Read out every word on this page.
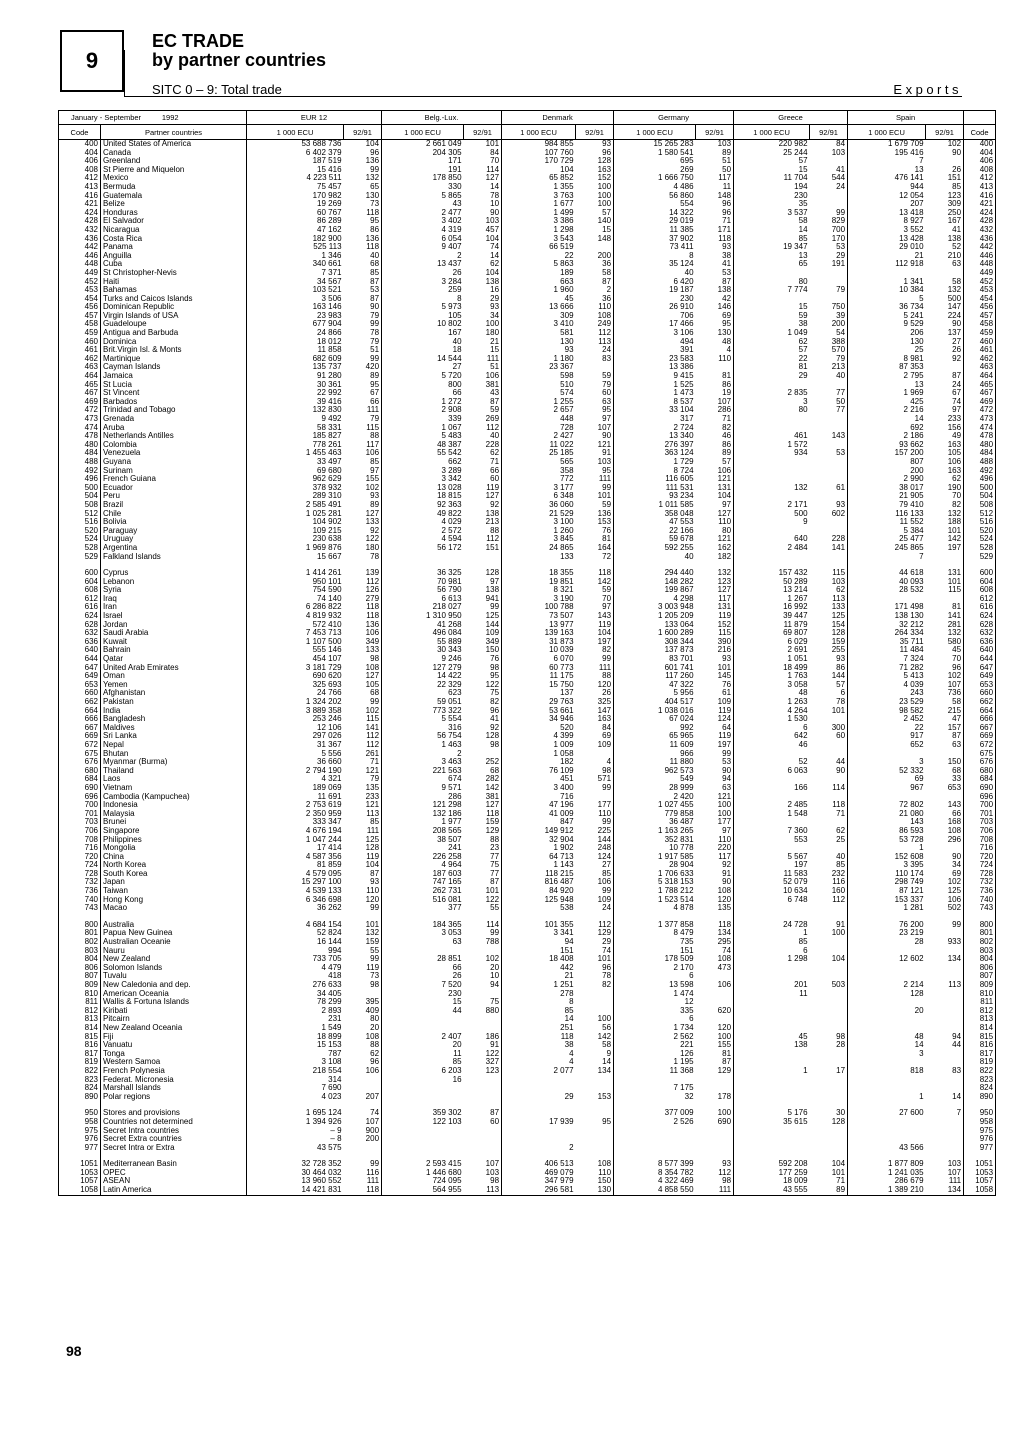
9
EC TRADE
by partner countries
SITC 0 – 9: Total trade	Exports
January - September 1992		EUR 12		Belg.-Lux.		Denmark		Germany		Greece		Spain		
Code	Partner countries	1 000 ECU	92/91	1 000 ECU	92/91	1 000 ECU	92/91	1 000 ECU	92/91	1 000 ECU	92/91	1 000 ECU	92/91	Code
400	United States of America	53 688 736	104	2 661 049	101	984 855	93	15 265 283	103	220 982	84	1 679 709	102	400
404	Canada	6 402 379	96	204 305	84	107 760	96	1 580 541	89	25 244	103	195 416	90	404
406	Greenland	187 519	136	171	70	170 729	128	695	51	57		7		406
408	St Pierre and Miquelon	15 416	99	191	114	104	163	269	50	15	41	13	26	408
412	Mexico	4 223 511	132	178 850	127	65 852	152	1 666 750	117	11 704	544	476 141	151	412
413	Bermuda	75 457	65	330	14	1 355	100	4 486	11	194	24	944	85	413
416	Guatemala	170 982	130	5 865	78	3 763	100	56 860	148	230		12 054	123	416
421	Belize	19 269	73	43	10	1 677	100	554	96	35		207	309	421
424	Honduras	60 767	118	2 477	90	1 499	57	14 322	96	3 537	99	13 418	250	424
428	El Salvador	86 289	95	3 402	103	3 386	140	29 019	71	58	829	8 927	167	428
432	Nicaragua	47 162	86	4 319	457	1 298	15	11 385	171	14	700	3 552	41	432
436	Costa Rica	182 900	136	6 054	104	3 543	148	37 902	118	85	170	13 428	138	436
442	Panama	525 113	118	9 407	74	66 519		73 411	93	19 347	53	29 010	52	442
446	Anguilla	1 346	40	2	14	22	200	8	38	13	29	21	210	446
448	Cuba	340 661	68	13 437	62	5 863	36	35 124	41	65	191	112 918	63	448
449	St Christopher-Nevis	7 371	85	26	104	189	58	40	53					449
452	Haiti	34 567	87	3 284	138	663	87	6 420	87	80		1 341	58	452
453	Bahamas	103 521	53	259	16	1 960	2	19 187	138	7 774	79	10 384	132	453
454	Turks and Caicos Islands	3 506	87	8	29	45	36	230	42			5	500	454
456	Dominican Republic	163 146	90	5 973	93	13 666	110	26 910	146	15	750	36 734	147	456
457	Virgin Islands of USA	23 983	79	105	34	309	108	706	69	59	39	5 241	224	457
458	Guadeloupe	677 904	99	10 802	100	3 410	249	17 466	95	38	200	9 529	90	458
459	Antigua and Barbuda	24 866	78	167	180	581	112	3 106	130	1 049	54	206	137	459
460	Dominica	18 012	79	40	21	130	113	494	48	62	388	130	27	460
461	Brit.Virgin Isl. & Monts	11 858	51	18	15	93	24	391	4	57	570	25	26	461
462	Martinique	682 609	99	14 544	111	1 180	83	23 583	110	22	79	8 981	92	462
463	Cayman Islands	135 737	420	27	51	23 367		13 386		81	213	87 353		463
464	Jamaica	91 280	89	5 720	106	598	59	9 415	81	29	40	2 795	87	464
465	St Lucia	30 361	95	800	381	510	79	1 525	86			13	24	465
467	St Vincent	22 992	67	66	43	574	60	1 473	19	2 835	77	1 969	67	467
469	Barbados	39 416	66	1 272	87	1 255	63	8 537	107	3	50	425	74	469
472	Trinidad and Tobago	132 830	111	2 908	59	2 657	95	33 104	286	80	77	2 216	97	472
473	Grenada	9 492	79	339	269	448	97	317	71			14	233	473
474	Aruba	58 331	115	1 067	112	728	107	2 724	82			692	156	474
478	Netherlands Antilles	185 827	88	5 483	40	2 427	90	13 340	46	461	143	2 186	49	478
480	Colombia	778 261	117	48 387	228	11 022	121	276 397	86	1 572		93 662	163	480
484	Venezuela	1 455 463	106	55 542	62	25 185	91	363 124	89	934	53	157 200	105	484
488	Guyana	33 497	85	662	71	565	103	1 729	57			807	106	488
492	Surinam	69 680	97	3 289	66	358	95	8 724	106			200	163	492
496	French Guiana	962 629	155	3 342	60	772	111	116 605	121			2 990	62	496
500	Ecuador	378 932	102	13 028	119	3 177	99	111 531	131	132	61	38 017	190	500
504	Peru	289 310	93	18 815	127	6 348	101	93 234	104			21 905	70	504
508	Brazil	2 585 491	89	92 363	92	36 060	59	1 011 585	97	2 171	93	79 410	82	508
512	Chile	1 025 281	127	49 822	138	21 529	136	358 048	127	500	602	116 133	132	512
516	Bolivia	104 902	133	4 029	213	3 100	153	47 553	110	9		11 552	188	516
520	Paraguay	109 215	92	2 572	88	1 260	76	22 166	80			5 384	101	520
524	Uruguay	230 638	122	4 594	112	3 845	81	59 678	121	640	228	25 477	142	524
528	Argentina	1 969 876	180	56 172	151	24 865	164	592 255	162	2 484	141	245 865	197	528
529	Falkland Islands	15 667	78			133	72	40	182			7		529

600	Cyprus	1 414 261	139	36 325	128	18 355	118	294 440	132	157 432	115	44 618	131	600
604	Lebanon	950 101	112	70 981	97	19 851	142	148 282	123	50 289	103	40 093	101	604
608	Syria	754 590	126	56 790	138	8 321	59	199 867	127	13 214	62	28 532	115	608
612	Iraq	74 140	279	6 613	941	3 190	70	4 298	117	1 267	113			612
616	Iran	6 286 822	118	218 027	99	100 788	97	3 003 948	131	16 992	133	171 498	81	616
624	Israel	4 819 932	118	1 310 950	125	73 507	143	1 205 209	119	39 447	125	138 130	141	624
628	Jordan	572 410	136	41 268	144	13 977	119	133 064	152	11 879	154	32 212	281	628
632	Saudi Arabia	7 453 713	106	496 084	109	139 163	104	1 600 289	115	69 807	128	264 334	132	632
636	Kuwait	1 107 500	349	55 889	349	31 873	197	308 344	390	6 029	159	35 711	580	636
640	Bahrain	555 146	133	30 343	150	10 039	82	137 873	216	2 691	255	11 484	45	640
644	Qatar	454 107	98	9 246	76	6 070	99	83 701	93	1 051	93	7 324	70	644
647	United Arab Emirates	3 181 729	108	127 279	98	60 773	111	601 741	101	18 499	86	71 282	96	647
649	Oman	690 620	127	14 422	95	11 175	88	117 260	145	1 763	144	5 413	102	649
653	Yemen	325 693	105	22 329	122	15 750	120	47 322	76	3 058	57	4 039	107	653
660	Afghanistan	24 766	68	623	75	137	26	5 956	61	48	6	243	736	660
662	Pakistan	1 324 202	99	59 051	82	29 763	325	404 517	109	1 263	78	23 529	58	662
664	India	3 889 358	102	773 322	96	53 661	147	1 038 016	119	4 264	101	98 582	215	664
666	Bangladesh	253 246	115	5 554	41	34 946	163	67 024	124	1 530		2 452	47	666
667	Maldives	12 106	141	316	92	520	84	992	64	6	300	22	157	667
669	Sri Lanka	297 026	112	56 754	128	4 399	69	65 965	119	642	60	917	87	669
672	Nepal	31 367	112	1 463	98	1 009	109	11 609	197	46		652	63	672
675	Bhutan	5 556	261	2		1 058		966	99					675
676	Myanmar (Burma)	36 660	71	3 463	252	182	4	11 880	53	52	44	3	150	676
680	Thailand	2 794 190	121	221 563	68	76 109	98	962 573	90	6 063	90	52 332	68	680
684	Laos	4 321	79	674	282	451	571	549	94			69	33	684
690	Vietnam	189 069	135	9 571	142	3 400	99	28 999	63	166	114	967	653	690
696	Cambodia (Kampuchea)	11 691	233	286	381	716		2 420	121					696
700	Indonesia	2 753 619	121	121 298	127	47 196	177	1 027 455	100	2 485	118	72 802	143	700
701	Malaysia	2 350 959	113	132 186	118	41 009	110	779 858	100	1 548	71	21 080	66	701
703	Brunei	333 347	85	1 977	159	847	99	36 487	177			143	168	703
706	Singapore	4 676 194	111	208 565	129	149 912	225	1 163 265	97	7 360	62	86 593	108	706
708	Philippines	1 047 244	125	38 507	88	32 904	144	352 831	110	553	25	53 728	296	708
716	Mongolia	17 414	128	241	23	1 902	248	10 778	220			1		716
720	China	4 587 356	119	226 258	77	64 713	124	1 917 585	117	5 567	40	152 608	90	720
724	North Korea	81 859	104	4 964	75	1 143	27	28 904	92	197	85	3 395	34	724
728	South Korea	4 579 095	87	187 603	77	118 215	85	1 706 633	91	11 583	232	110 174	69	728
732	Japan	15 297 100	93	747 165	87	816 487	106	5 318 153	90	52 079	116	298 749	102	732
736	Taiwan	4 539 133	110	262 731	101	84 920	99	1 788 212	108	10 634	160	87 121	125	736
740	Hong Kong	6 346 698	120	516 081	122	125 948	109	1 523 514	120	6 748	112	153 337	106	740
743	Macao	36 262	99	377	55	538	24	4 878	135			1 281	502	743

800	Australia	4 684 154	101	184 365	114	101 355	112	1 377 858	118	24 728	91	76 200	99	800
801	Papua New Guinea	52 824	132	3 053	99	3 341	129	8 479	134	1	100	23 219		801
802	Australian Oceanie	16 144	159	63	788	94	29	735	295	85		28	933	802
803	Nauru	994	55			151	74	151	74	6				803
804	New Zealand	733 705	99	28 851	102	18 408	101	178 509	108	1 298	104	12 602	134	804
806	Solomon Islands	4 479	119	66	20	442	96	2 170	473					806
807	Tuvalu	418	73	26	10	21	78	6						807
809	New Caledonia and dep.	276 633	98	7 520	94	1 251	82	13 598	106	201	503	2 214	113	809
810	American Oceania	34 405		230		278		1 474		11		128		810
811	Wallis & Fortuna Islands	78 299	395	15	75	8		12						811
812	Kiribati	2 893	409	44	880	85		335	620			20		812
813	Pitcairn	231	80			14	100	6						813
814	New Zealand Oceania	1 549	20			251	56	1 734	120					814
815	Fiji	18 899	108	2 407	186	118	142	2 562	100	45	98	48	94	815
816	Vanuatu	15 153	88	20	91	38	58	221	155	138	28	14	44	816
817	Tonga	787	62	11	122	4	9	126	81			3		817
819	Western Samoa	3 108	96	85	327	4	14	1 195	87					819
822	French Polynesia	218 554	106	6 203	123	2 077	134	11 368	129	1	17	818	83	822
823	Federat. Micronesia	314		16										823
824	Marshall Islands	7 690						7 175						824
890	Polar regions	4 023	207			29	153	32	178			1	14	890

950	Stores and provisions	1 695 124	74	359 302	87			377 009	100	5 176	30	27 600	7	950
958	Countries not determined	1 394 926	107	122 103	60	17 939	95	2 526	690	35 615	128			958
975	Secret Intra countries	– 9	900											975
976	Secret Extra countries	– 8	200											976
977	Secret Intra or Extra	43 575				2						43 566		977

1051	Mediterranean Basin	32 728 352	99	2 593 415	107	406 513	108	8 577 399	93	592 208	104	1 877 809	103	1051
1053	OPEC	30 464 032	116	1 446 680	103	469 079	110	8 354 782	112	177 259	101	1 241 035	107	1053
1057	ASEAN	13 960 552	111	724 095	98	347 979	150	4 322 469	98	18 009	71	286 679	111	1057
1058	Latin America	14 421 831	118	564 955	113	296 581	130	4 858 550	111	43 555	89	1 389 210	134	1058
98
